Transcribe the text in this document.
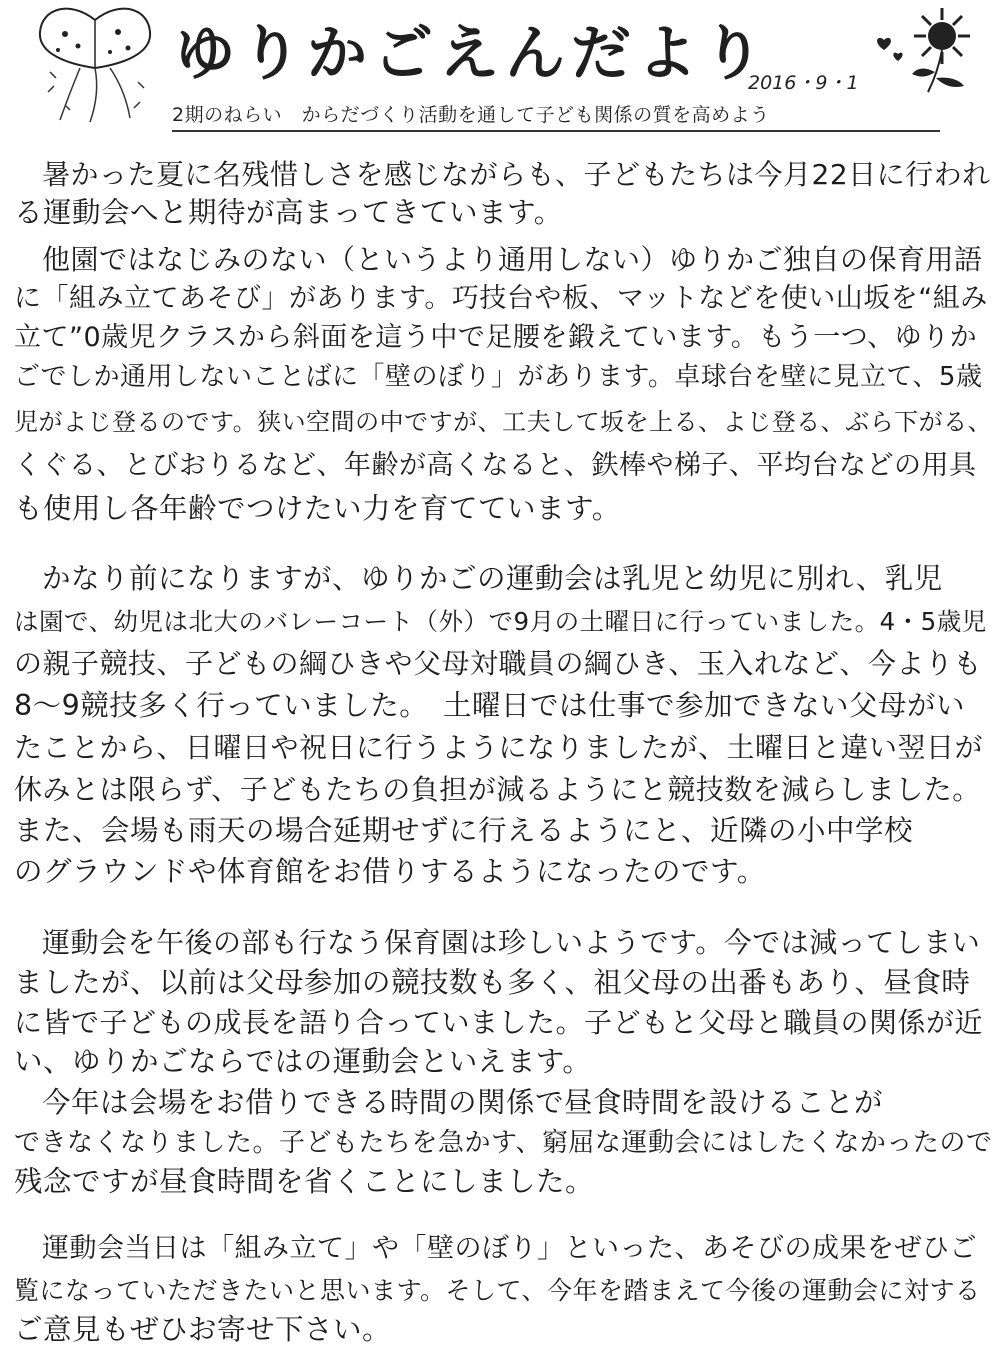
ゆりかごえんだより
2016・9・1
2期のねらい　からだづくり活動を通して子ども関係の質を高めよう
暑かった夏に名残惜しさを感じながらも、子どもたちは今月22日に行われ
る運動会へと期待が高まってきています。
他園ではなじみのない（というより通用しない）ゆりかご独自の保育用語
に「組み立てあそび」があります。巧技台や板、マットなどを使い山坂を“組み
立て”0歳児クラスから斜面を這う中で足腰を鍛えています。もう一つ、ゆりか
ごでしか通用しないことばに「壁のぼり」があります。卓球台を壁に見立て、5歳
児がよじ登るのです。狭い空間の中ですが、工夫して坂を上る、よじ登る、ぶら下がる、
くぐる、とびおりるなど、年齢が高くなると、鉄棒や梯子、平均台などの用具
も使用し各年齢でつけたい力を育てています。
かなり前になりますが、ゆりかごの運動会は乳児と幼児に別れ、乳児
は園で、幼児は北大のバレーコート（外）で9月の土曜日に行っていました。4・5歳児
の親子競技、子どもの綱ひきや父母対職員の綱ひき、玉入れなど、今よりも
8～9競技多く行っていました。　土曜日では仕事で参加できない父母がい
たことから、日曜日や祝日に行うようになりましたが、土曜日と違い翌日が
休みとは限らず、子どもたちの負担が減るようにと競技数を減らしました。
また、会場も雨天の場合延期せずに行えるようにと、近隣の小中学校
のグラウンドや体育館をお借りするようになったのです。
運動会を午後の部も行なう保育園は珍しいようです。今では減ってしまい
ましたが、以前は父母参加の競技数も多く、祖父母の出番もあり、昼食時
に皆で子どもの成長を語り合っていました。子どもと父母と職員の関係が近
い、ゆりかごならではの運動会といえます。
今年は会場をお借りできる時間の関係で昼食時間を設けることが
できなくなりました。子どもたちを急かす、窮屈な運動会にはしたくなかったので
残念ですが昼食時間を省くことにしました。
運動会当日は「組み立て」や「壁のぼり」といった、あそびの成果をぜひご
覧になっていただきたいと思います。そして、今年を踏まえて今後の運動会に対する
ご意見もぜひお寄せ下さい。
